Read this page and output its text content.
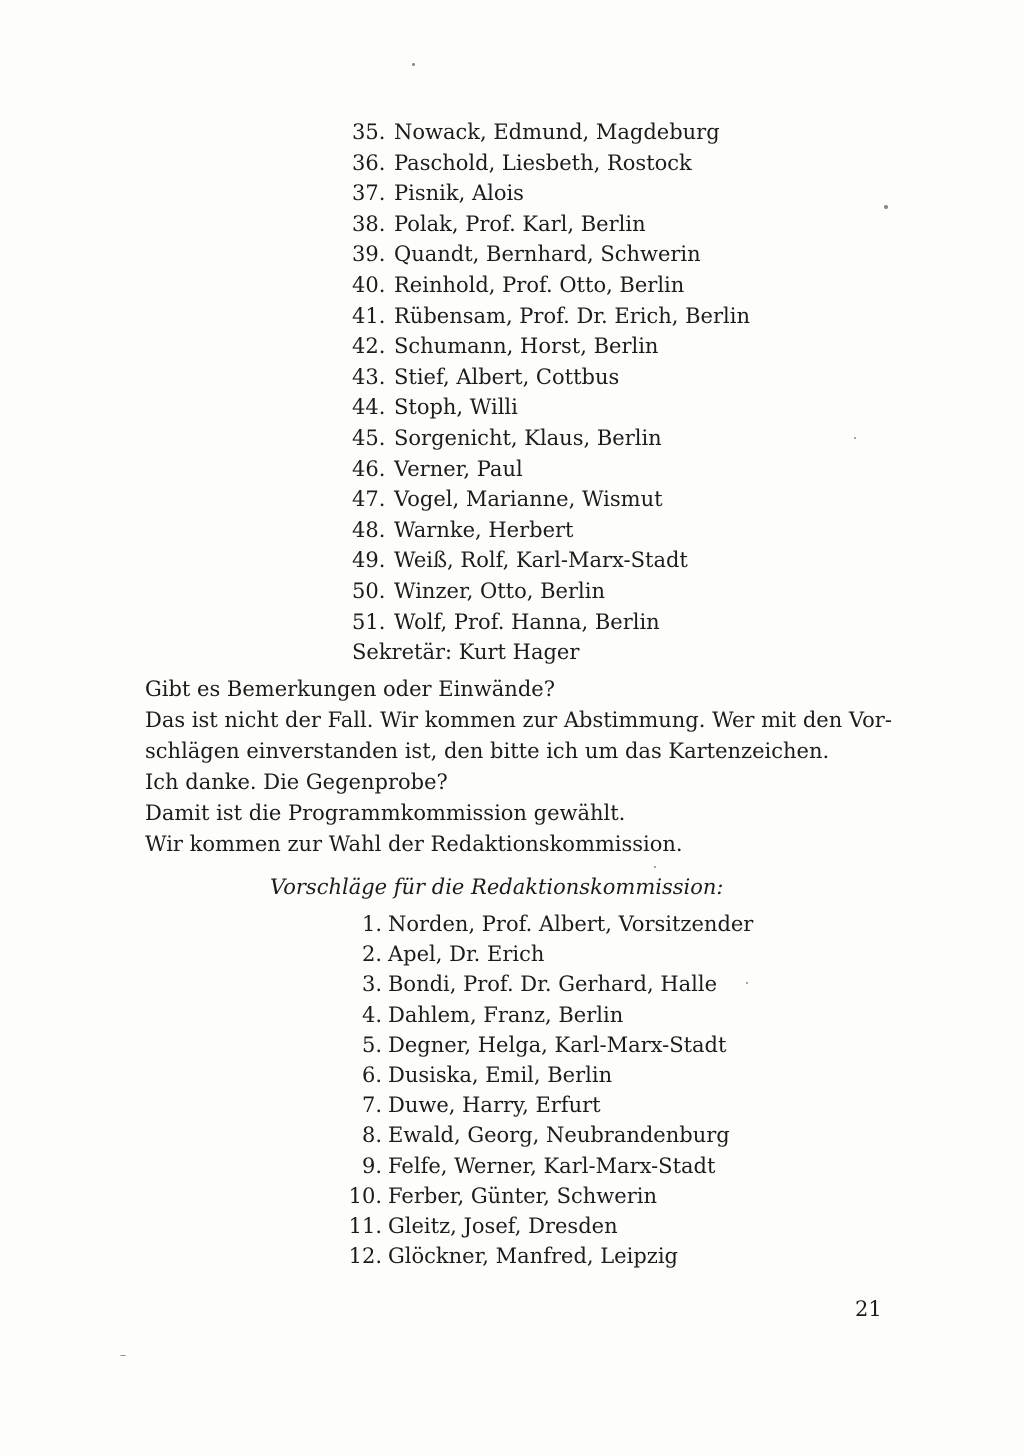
35. Nowack, Edmund, Magdeburg
36. Paschold, Liesbeth, Rostock
37. Pisnik, Alois
38. Polak, Prof. Karl, Berlin
39. Quandt, Bernhard, Schwerin
40. Reinhold, Prof. Otto, Berlin
41. Rübensam, Prof. Dr. Erich, Berlin
42. Schumann, Horst, Berlin
43. Stief, Albert, Cottbus
44. Stoph, Willi
45. Sorgenicht, Klaus, Berlin
46. Verner, Paul
47. Vogel, Marianne, Wismut
48. Warnke, Herbert
49. Weiß, Rolf, Karl-Marx-Stadt
50. Winzer, Otto, Berlin
51. Wolf, Prof. Hanna, Berlin
Sekretär: Kurt Hager
Gibt es Bemerkungen oder Einwände?
Das ist nicht der Fall. Wir kommen zur Abstimmung. Wer mit den Vor-
schlägen einverstanden ist, den bitte ich um das Kartenzeichen.
Ich danke. Die Gegenprobe?
Damit ist die Programmkommission gewählt.
Wir kommen zur Wahl der Redaktionskommission.
Vorschläge für die Redaktionskommission:
1. Norden, Prof. Albert, Vorsitzender
2. Apel, Dr. Erich
3. Bondi, Prof. Dr. Gerhard, Halle
4. Dahlem, Franz, Berlin
5. Degner, Helga, Karl-Marx-Stadt
6. Dusiska, Emil, Berlin
7. Duwe, Harry, Erfurt
8. Ewald, Georg, Neubrandenburg
9. Felfe, Werner, Karl-Marx-Stadt
10. Ferber, Günter, Schwerin
11. Gleitz, Josef, Dresden
12. Glöckner, Manfred, Leipzig
21
